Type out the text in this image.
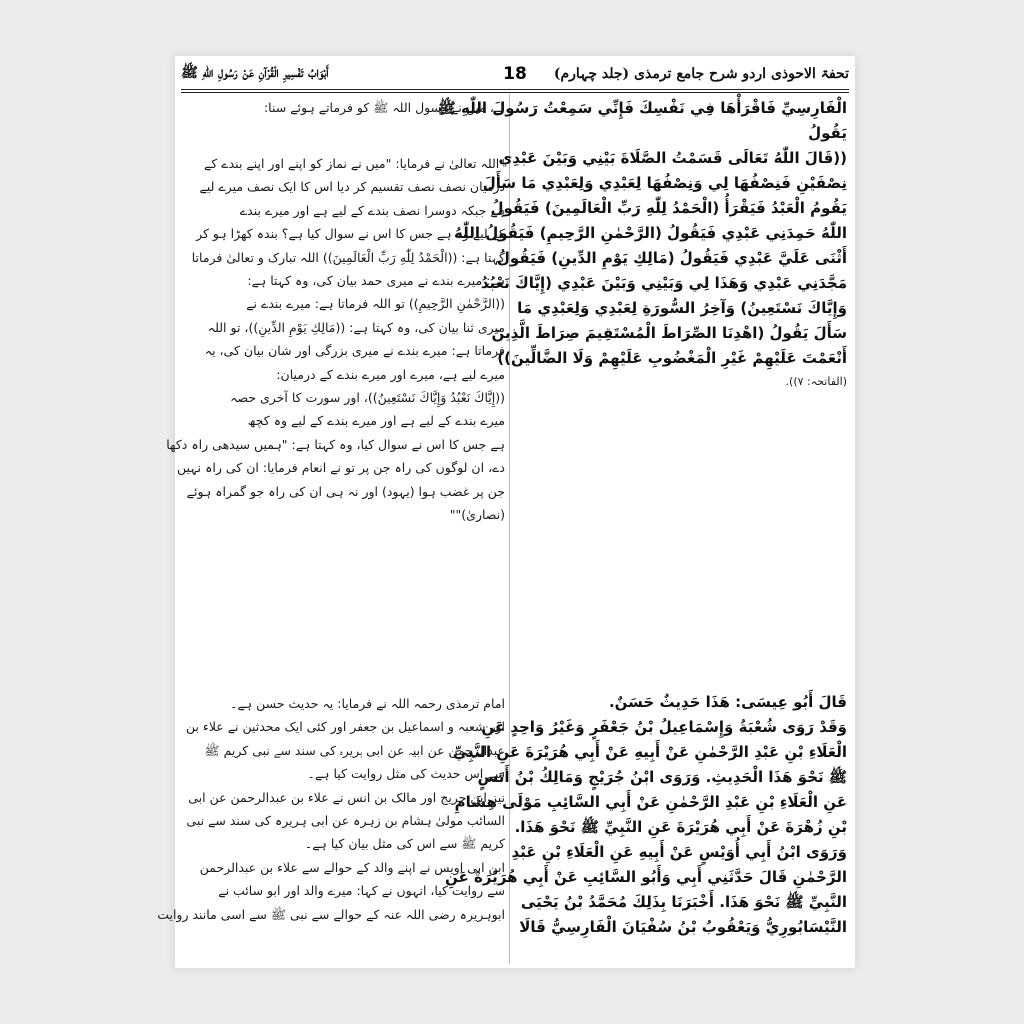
تحفۃ الاحوذی اردو شرح جامع ترمذی (جلد چہارم)
18
أَبْوَابُ تَفْسِيرِ الْقُرْآنِ عَنْ رَسُولِ اللّٰهِ ﷺ
الْفَارِسِيِّ فَاقْرَأْهَا فِي نَفْسِكَ فَإِنِّي سَمِعْتُ رَسُولَ اللّٰهِ ﷺ
يَقُولُ
((قَالَ اللّٰهُ تَعَالَى قَسَمْتُ الصَّلَاةَ بَيْنِي وَبَيْنَ عَبْدِي
نِصْفَيْنِ فَنِصْفُهَا لِي وَنِصْفُهَا لِعَبْدِي وَلِعَبْدِي مَا سَأَلَ
يَقُومُ الْعَبْدُ فَيَقْرَأُ (الْحَمْدُ لِلّٰهِ رَبِّ الْعَالَمِينَ) فَيَقُولُ
اللّٰهُ حَمِدَنِي عَبْدِي فَيَقُولُ (الرَّحْمٰنِ الرَّحِيمِ) فَيَقُولُ اللّٰهُ
أَثْنَى عَلَيَّ عَبْدِي فَيَقُولُ (مَالِكِ يَوْمِ الدِّينِ) فَيَقُولُ
مَجَّدَنِي عَبْدِي وَهَذَا لِي وَبَيْنِي وَبَيْنَ عَبْدِي (إِيَّاكَ نَعْبُدُ
وَإِيَّاكَ نَسْتَعِينُ) وَآخِرُ السُّورَةِ لِعَبْدِي وَلِعَبْدِي مَا
سَأَلَ يَقُولُ (اهْدِنَا الصِّرَاطَ الْمُسْتَقِيمَ صِرَاطَ الَّذِينَ
أَنْعَمْتَ عَلَيْهِمْ غَيْرِ الْمَغْضُوبِ عَلَيْهِمْ وَلَا الضَّالِّينَ))
(الفاتحہ: ۷)).
قَالَ أَبُو عِيسَى: هَذَا حَدِيثٌ حَسَنٌ.
وَقَدْ رَوَى شُعْبَةُ وَإِسْمَاعِيلُ بْنُ جَعْفَرٍ وَغَيْرُ وَاحِدٍ عَنِ
الْعَلَاءِ بْنِ عَبْدِ الرَّحْمٰنِ عَنْ أَبِيهِ عَنْ أَبِي هُرَيْرَةَ عَنِ النَّبِيِّ
ﷺ نَحْوَ هَذَا الْحَدِيثِ. وَرَوَى ابْنُ جُرَيْجٍ وَمَالِكُ بْنُ أَنَسٍ
عَنِ الْعَلَاءِ بْنِ عَبْدِ الرَّحْمٰنِ عَنْ أَبِي السَّائِبِ مَوْلَى هِشَامِ
بْنِ زُهْرَةَ عَنْ أَبِي هُرَيْرَةَ عَنِ النَّبِيِّ ﷺ نَحْوَ هَذَا.
وَرَوَى ابْنُ أَبِي أُوَيْسٍ عَنْ أَبِيهِ عَنِ الْعَلَاءِ بْنِ عَبْدِ
الرَّحْمٰنِ قَالَ حَدَّثَنِي أَبِي وَأَبُو السَّائِبِ عَنْ أَبِي هُرَيْرَةَ عَنِ
النَّبِيِّ ﷺ نَحْوَ هَذَا. أَخْبَرَنَا بِذَلِكَ مُحَمَّدُ بْنُ يَحْيَى
النَّيْسَابُورِيُّ وَيَعْقُوبُ بْنُ سُفْيَانَ الْفَارِسِيُّ قَالَا
لے، میں نے رسول اللہ ﷺ کو فرماتے ہوئے سنا:
"اللہ تعالیٰ نے فرمایا: "میں نے نماز کو اپنے اور اپنے بندے کے
درمیان نصف نصف تقسیم کر دیا اس کا ایک نصف میرے لیے
ہے جبکہ دوسرا نصف بندے کے لیے ہے اور میرے بندے
کے لیے وہ ہے جس کا اس نے سوال کیا ہے؟ بندہ کھڑا ہو کر
کہتا ہے: ((الْحَمْدُ لِلّٰهِ رَبِّ الْعَالَمِينَ)) اللہ تبارک و تعالیٰ فرماتا
ہے: میرے بندے نے میری حمد بیان کی، وہ کہتا ہے:
((الرَّحْمٰنِ الرَّحِيمِ)) تو اللہ فرماتا ہے: میرے بندے نے
میری ثنا بیان کی، وہ کہتا ہے: ((مَالِكِ يَوْمِ الدِّينِ))، تو اللہ
فرماتا ہے: میرے بندے نے میری بزرگی اور شان بیان کی، یہ
میرے لیے ہے، میرے اور میرے بندے کے درمیان:
((إِيَّاكَ نَعْبُدُ وَإِيَّاكَ نَسْتَعِينُ))، اور سورت کا آخری حصہ
میرے بندے کے لیے ہے اور میرے بندے کے لیے وہ کچھ
ہے جس کا اس نے سوال کیا، وہ کہتا ہے: "ہمیں سیدھی راہ دکھا
دے، ان لوگوں کی راہ جن پر تو نے انعام فرمایا: ان کی راہ نہیں
جن پر غضب ہوا (یہود) اور نہ ہی ان کی راہ جو گمراہ ہوئے
(نصاریٰ)""
امام ترمذی رحمہ اللہ نے فرمایا: یہ حدیث حسن ہے۔
اور شعبہ و اسماعیل بن جعفر اور کئی ایک محدثین نے علاء بن
عبدالرحمن عن ابیہ عن ابی ہریرہ کی سند سے نبی کریم ﷺ
سے اس حدیث کی مثل روایت کیا ہے۔
نیز ابن جریج اور مالک بن انس نے علاء بن عبدالرحمن عن ابی
السائب مولیٰ ہشام بن زہرہ عن ابی ہریرہ کی سند سے نبی
کریم ﷺ سے اس کی مثل بیان کیا ہے۔
ابن ابی اویس نے اپنے والد کے حوالے سے علاء بن عبدالرحمن
سے روایت کیا، انہوں نے کہا: میرے والد اور ابو سائب نے
ابوہریرہ رضی اللہ عنہ کے حوالے سے نبی ﷺ سے اسی مانند روایت
